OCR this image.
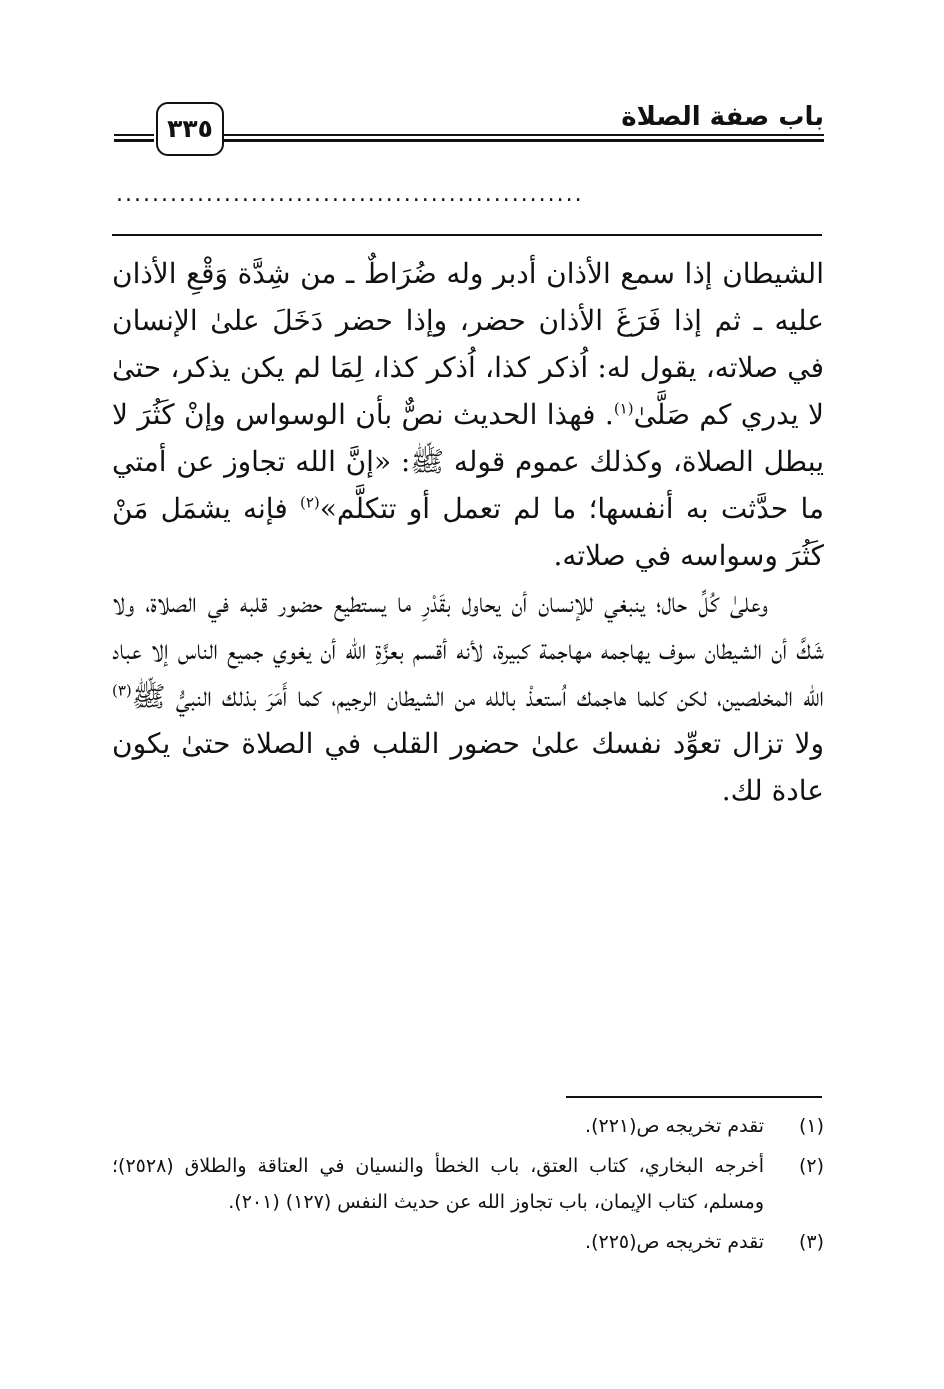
باب صفة الصلاة
٣٣٥
....................................................

الشيطان إذا سمع الأذان أدبر وله ضُرَاطٌ ـ من شِدَّة وَقْعِ الأذان عليه ـ ثم إذا فَرَغَ الأذان حضر، وإذا حضر دَخَلَ علىٰ الإنسان في صلاته، يقول له: اُذكر كذا، اُذكر كذا، لِمَا لم يكن يذكر، حتىٰ لا يدري كم صَلَّىٰ$^{(١)}$. فهذا الحديث نصٌّ بأن الوسواس وإنْ كَثُرَ لا يبطل الصلاة، وكذلك عموم قوله ﷺ: «إنَّ الله تجاوز عن أمتي ما حدَّثت به أنفسها؛ ما لم تعمل أو تتكلَّم»$^{(٢)}$ فإنه يشمَل مَنْ كَثُرَ وسواسه في صلاته.

وعلىٰ كُلِّ حال؛ ينبغي للإنسان أن يحاول بقَدْرِ ما يستطيع حضور قلبه في الصلاة، ولا شَكَّ أن الشيطان سوف يهاجمه مهاجمة كبيرة، لأنه أقسم بعزَّةِ الله أن يغوي جميع الناس إلا عباد الله المخلصين، لكن كلما هاجمك اُستعذْ بالله من الشيطان الرجيم، كما أَمَرَ بذلك النبيُّ ﷺ$^{(٣)}$ ولا تزال تعوِّد نفسك علىٰ حضور القلب في الصلاة حتىٰ يكون عادة لك.

(١)
تقدم تخريجه ص(٢٢١).
(٢)
أخرجه البخاري، كتاب العتق، باب الخطأ والنسيان في العتاقة والطلاق (٢٥٢٨)؛ ومسلم، كتاب الإيمان، باب تجاوز الله عن حديث النفس (١٢٧) (٢٠١).
(٣)
تقدم تخريجه ص(٢٢٥).
